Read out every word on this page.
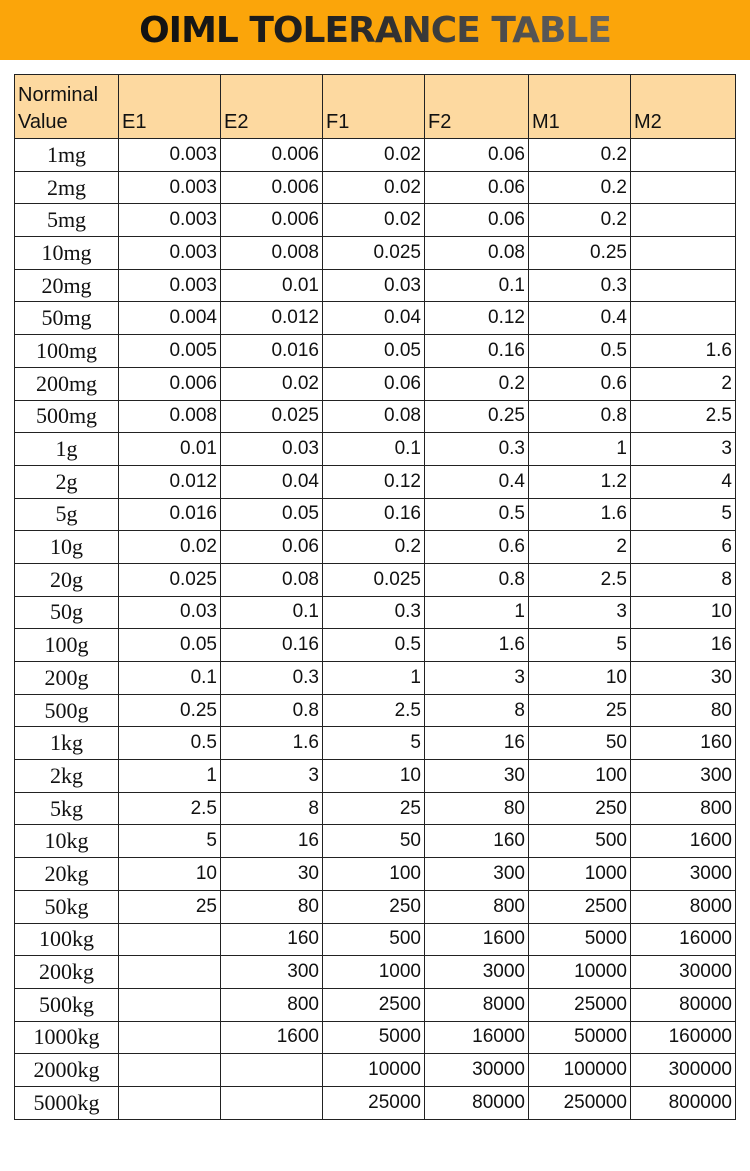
OIML TOLERANCE TABLE
Norminal
Value	E1	E2	F1	F2	M1	M2
1mg	0.003	0.006	0.02	0.06	0.2	
2mg	0.003	0.006	0.02	0.06	0.2	
5mg	0.003	0.006	0.02	0.06	0.2	
10mg	0.003	0.008	0.025	0.08	0.25	
20mg	0.003	0.01	0.03	0.1	0.3	
50mg	0.004	0.012	0.04	0.12	0.4	
100mg	0.005	0.016	0.05	0.16	0.5	1.6
200mg	0.006	0.02	0.06	0.2	0.6	2
500mg	0.008	0.025	0.08	0.25	0.8	2.5
1g	0.01	0.03	0.1	0.3	1	3
2g	0.012	0.04	0.12	0.4	1.2	4
5g	0.016	0.05	0.16	0.5	1.6	5
10g	0.02	0.06	0.2	0.6	2	6
20g	0.025	0.08	0.025	0.8	2.5	8
50g	0.03	0.1	0.3	1	3	10
100g	0.05	0.16	0.5	1.6	5	16
200g	0.1	0.3	1	3	10	30
500g	0.25	0.8	2.5	8	25	80
1kg	0.5	1.6	5	16	50	160
2kg	1	3	10	30	100	300
5kg	2.5	8	25	80	250	800
10kg	5	16	50	160	500	1600
20kg	10	30	100	300	1000	3000
50kg	25	80	250	800	2500	8000
100kg		160	500	1600	5000	16000
200kg		300	1000	3000	10000	30000
500kg		800	2500	8000	25000	80000
1000kg		1600	5000	16000	50000	160000
2000kg			10000	30000	100000	300000
5000kg			25000	80000	250000	800000
